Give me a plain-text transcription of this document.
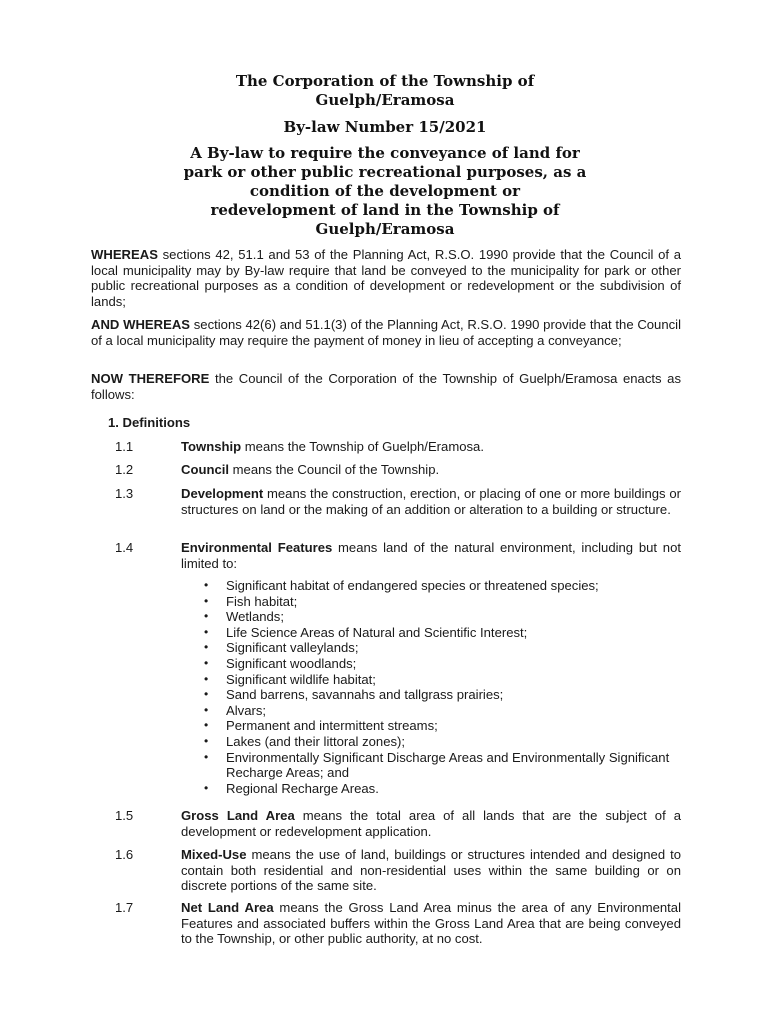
The Corporation of the Township of
Guelph/Eramosa
By-law Number 15/2021
A By-law to require the conveyance of land for
park or other public recreational purposes, as a
condition of the development or
redevelopment of land in the Township of
Guelph/Eramosa

WHEREAS sections 42, 51.1 and 53 of the Planning Act, R.S.O. 1990 provide that the Council of a local municipality may by By-law require that land be conveyed to the municipality for park or other public recreational purposes as a condition of development or redevelopment or the subdivision of lands;

AND WHEREAS sections 42(6) and 51.1(3) of the Planning Act, R.S.O. 1990 provide that the Council of a local municipality may require the payment of money in lieu of accepting a conveyance;

NOW THEREFORE the Council of the Corporation of the Township of Guelph/Eramosa enacts as follows:

1. Definitions

1.1	Township means the Township of Guelph/Eramosa.
1.2	Council means the Council of the Township.
1.3	Development means the construction, erection, or placing of one or more buildings or structures on land or the making of an addition or alteration to a building or structure.
1.4	Environmental Features means land of the natural environment, including but not limited to:
• Significant habitat of endangered species or threatened species;
• Fish habitat;
• Wetlands;
• Life Science Areas of Natural and Scientific Interest;
• Significant valleylands;
• Significant woodlands;
• Significant wildlife habitat;
• Sand barrens, savannahs and tallgrass prairies;
• Alvars;
• Permanent and intermittent streams;
• Lakes (and their littoral zones);
• Environmentally Significant Discharge Areas and Environmentally Significant Recharge Areas; and
• Regional Recharge Areas.
1.5	Gross Land Area means the total area of all lands that are the subject of a development or redevelopment application.
1.6	Mixed-Use means the use of land, buildings or structures intended and designed to contain both residential and non-residential uses within the same building or on discrete portions of the same site.
1.7	Net Land Area means the Gross Land Area minus the area of any Environmental Features and associated buffers within the Gross Land Area that are being conveyed to the Township, or other public authority, at no cost.
